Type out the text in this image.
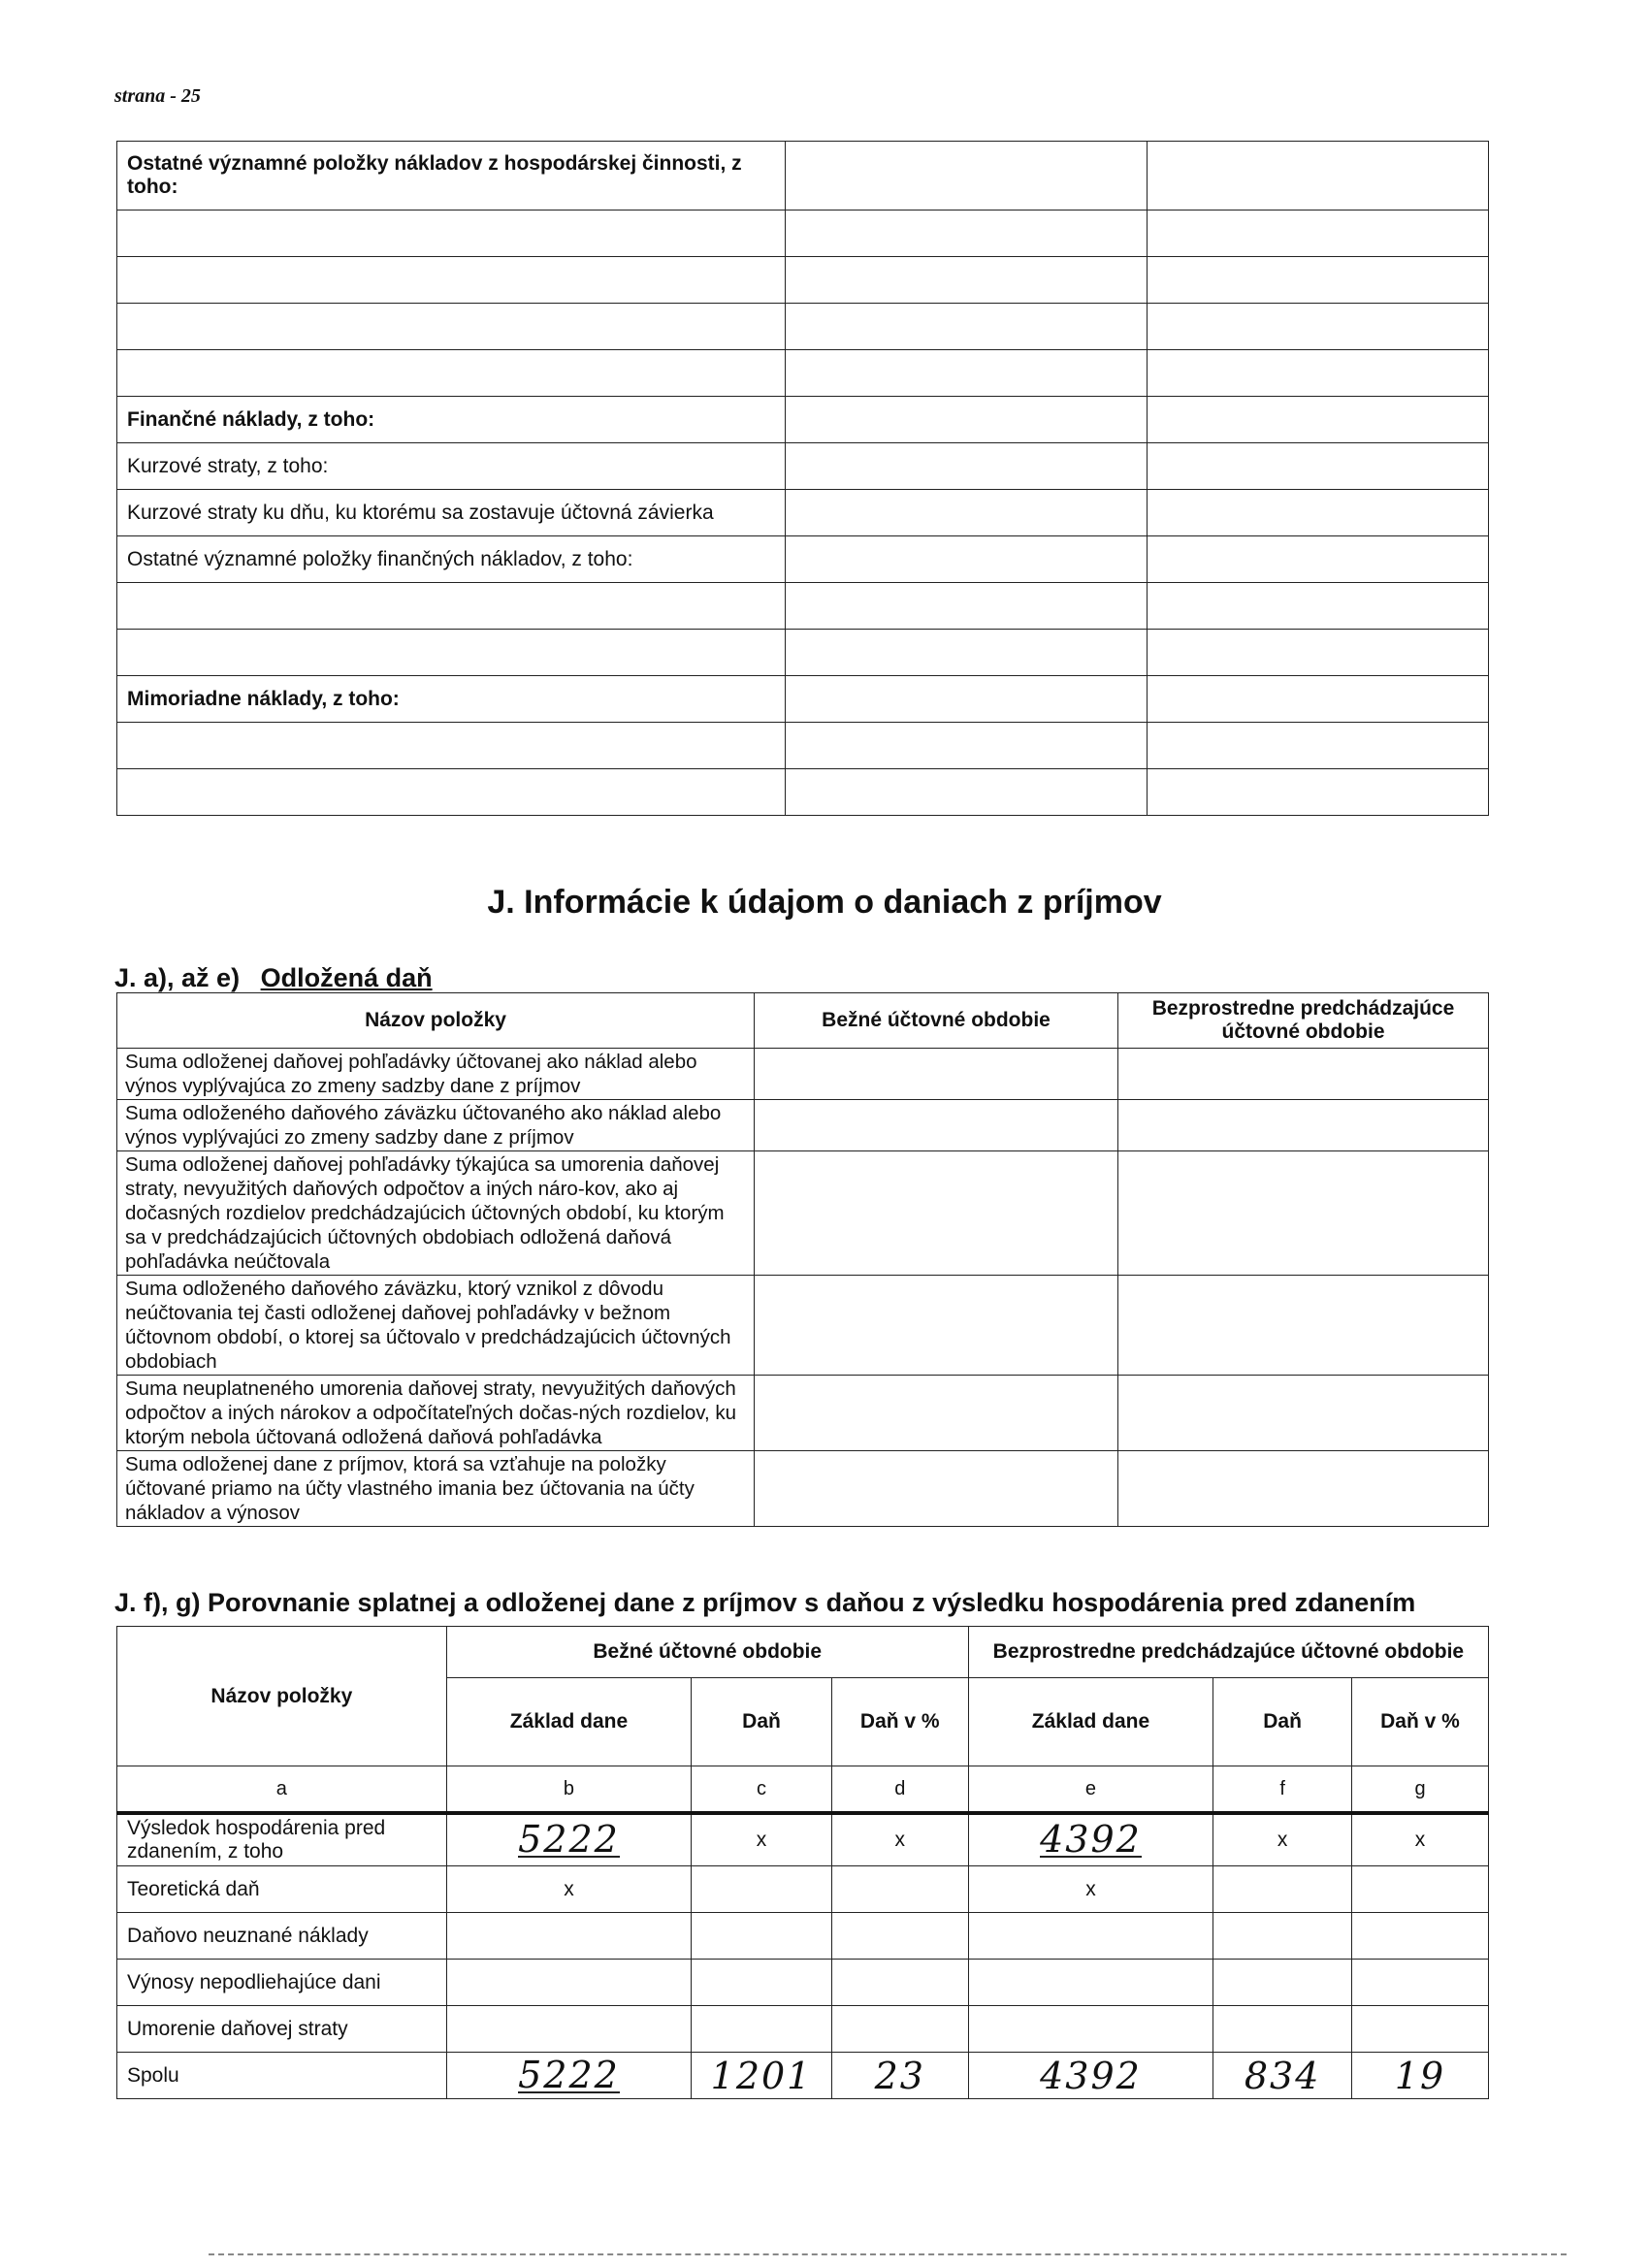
strana - 25
Ostatné významné položky nákladov z hospodárskej činnosti, z toho:		

Finančné náklady, z toho:		
Kurzové straty, z toho:		
Kurzové straty ku dňu, ku ktorému sa zostavuje účtovná závierka		
Ostatné významné položky finančných nákladov, z toho:		

Mimoriadne náklady, z toho:		

J. Informácie k údajom o daniach z príjmov
J. a), až e) Odložená daň
Názov položky	Bežné účtovné obdobie	Bezprostredne predchádzajúce účtovné obdobie
Suma odloženej daňovej pohľadávky účtovanej ako náklad alebo výnos vyplývajúca zo zmeny sadzby dane z príjmov		
Suma odloženého daňového záväzku účtovaného ako náklad alebo výnos vyplývajúci zo zmeny sadzby dane z príjmov		
Suma odloženej daňovej pohľadávky týkajúca sa umorenia daňovej straty, nevyužitých daňových odpočtov a iných náro-kov, ako aj dočasných rozdielov predchádzajúcich účtovných období, ku ktorým sa v predchádzajúcich účtovných obdobiach odložená daňová pohľadávka neúčtovala		
Suma odloženého daňového záväzku, ktorý vznikol z dôvodu neúčtovania tej časti odloženej daňovej pohľadávky v bežnom účtovnom období, o ktorej sa účtovalo v predchádzajúcich účtovných obdobiach		
Suma neuplatneného umorenia daňovej straty, nevyužitých daňových odpočtov a iných nárokov a odpočítateľných dočas-ných rozdielov, ku ktorým nebola účtovaná odložená daňová pohľadávka		
Suma odloženej dane z príjmov, ktorá sa vzťahuje na položky účtované priamo na účty vlastného imania bez účtovania na účty nákladov a výnosov		
J. f), g) Porovnanie splatnej a odloženej dane z príjmov s daňou z výsledku hospodárenia pred zdanením
Názov položky	Bežné účtovné obdobie			Bezprostredne predchádzajúce účtovné obdobie		
	Základ dane	Daň	Daň v %	Základ dane	Daň	Daň v %
a	b	c	d	e	f	g
Výsledok hospodárenia pred zdanením, z toho	5222	x	x	4392	x	x
Teoretická daň	x			x		
Daňovo neuznané náklady						
Výnosy nepodliehajúce dani						
Umorenie daňovej straty						
Spolu	5222	1201	23	4392	834	19
